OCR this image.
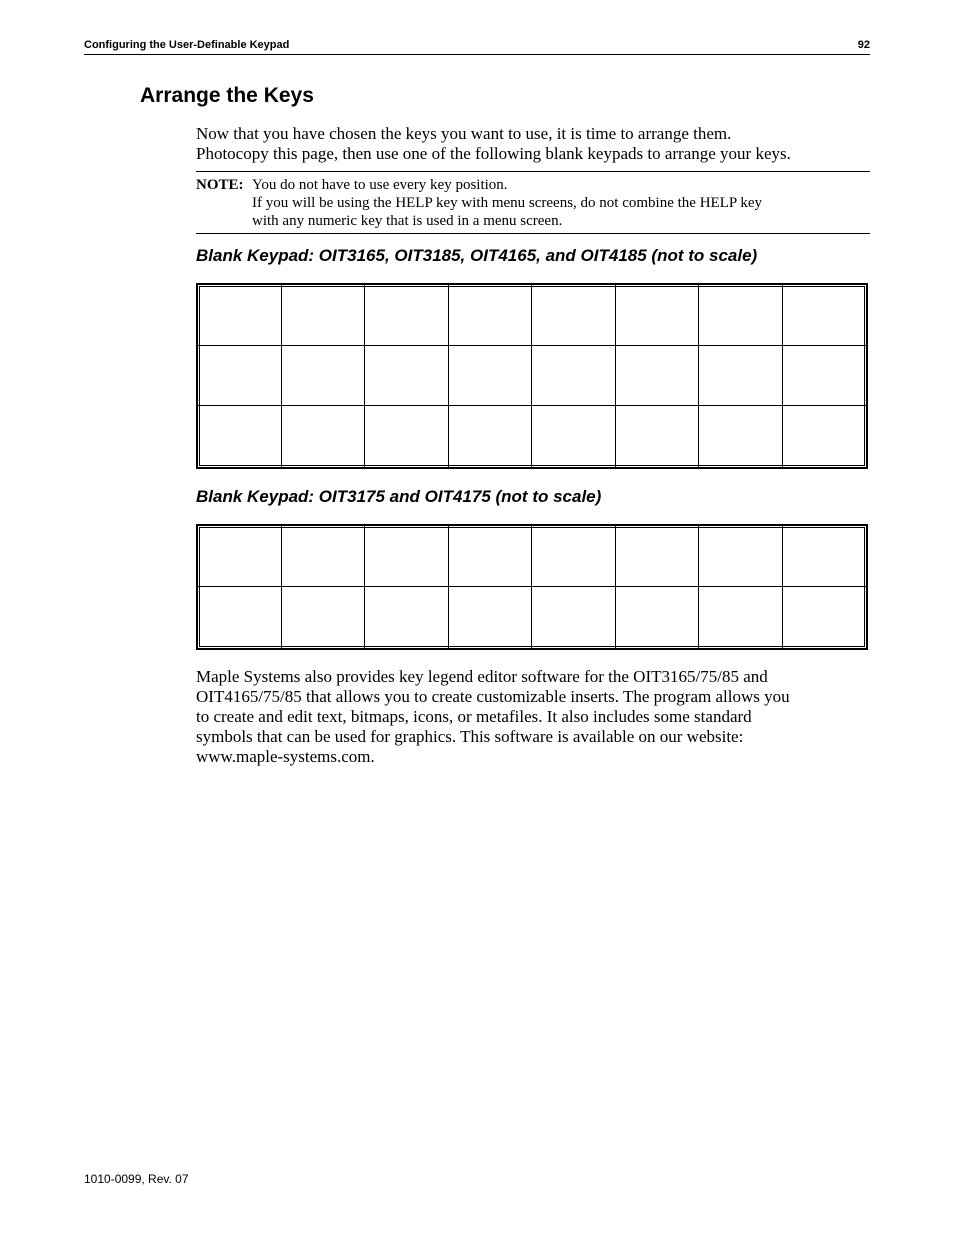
Configuring the User-Definable Keypad	92
Arrange the Keys

Now that you have chosen the keys you want to use, it is time to arrange them.
Photocopy this page, then use one of the following blank keypads to arrange your keys.

NOTE: You do not have to use every key position.
If you will be using the HELP key with menu screens, do not combine the HELP key
with any numeric key that is used in a menu screen.

Blank Keypad: OIT3165, OIT3185, OIT4165, and OIT4185 (not to scale)

Blank Keypad: OIT3175 and OIT4175 (not to scale)

Maple Systems also provides key legend editor software for the OIT3165/75/85 and
OIT4165/75/85 that allows you to create customizable inserts. The program allows you
to create and edit text, bitmaps, icons, or metafiles. It also includes some standard
symbols that can be used for graphics. This software is available on our website:
www.maple-systems.com.

1010-0099, Rev. 07
